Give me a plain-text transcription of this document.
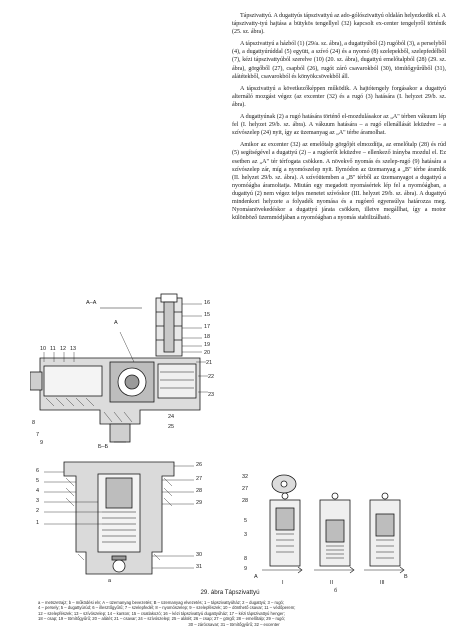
Tápszivattyú. A dugattyús tápszivattyú az ado-gólószivattyú oldalán helyezkedik el. A tápszivatty-tyú hajtása a bütykös tengellyel (32) kapcsolt ex-center tengelyről történik (25. sz. ábra).

A tápszivattyú a házból (1) (29/a. sz. ábra), a dugattyúból (2) rugóból (3), a perselyből (4), a dugattyúrúddal (5) együtt, a szívó (24) és a nyomó (8) szelepekből, szelepfedélből (7), kézi tápszivattyúból szerelve (10) (20. sz. ábra), dugattyú emelőtalpból (28) (29. sz. ábra), görgőből (27), csapból (26), rugót záró csavarokból (30), tömítőgyűrűből (31), alátétekből, csavarokból és könyökcsövekből áll.

A tápszivattyú a következőképpen működik. A hajtótengely forgásakor a dugattyú alternáló mozgást végez (az excenter (32) és a rugó (3) hatására (I. helyzet 29/b. sz. ábra).

A dugattyúnak (2) a rugó hatására történő el-mozdulásakor az „A" térben vákuum lép fel (I. helyzet 29/b. sz. ábra). A vákuum hatására – a rugó ellenállását leküzdve – a szívószelep (24) nyit, így az üzemanyag az „A" térbe áramolhat.

Amikor az excenter (32) az emelőtalp görgőjét elmozdítja, az emelőtalp (28) és rúd (5) segítségével a dugattyú (2) – a rugóerőt leküzdve – ellenkező irányba mozdul el. Ez esetben az „A" tér térfogata csökken. A növekvő nyomás és szelep-rugó (9) hatására a szívószelep zár, míg a nyomószelep nyit. Ilymódon az üzemanyag a „B" térbe áramlik (II. helyzet 29/b. sz. ábra). A szívóütemben a „B" térből az üzemanyagot a dugattyú a nyomóágba áramoltatja. Miután egy megadott nyomásértek lép fel a nyomóágban, a dugattyú (2) nem végez teljes menetet szívóskor (III. helyzet 29/b. sz. ábra). A dugattyú mindenkori helyzete a folyadék nyomása és a rugóerő egyensúlya határozza meg. Nyomásnövekedéskor a dugattyú járata csökken, illetve megállhat, így a motor különböző üzemmódjában a nyomóágban a nyomás stabilizálható.

A–A
A
10 11 12 13
8
7
9
16
15
17
18
19
20
21
22
23
24
25
Б–Б
6
5
4
3
2
1
26
27
28
29
30
31
a
32
27
28
5
3
8
9
I	II	III
A	B
б
29. ábra Tápszivattyú
a – metszetrajz; b – működési elv; A – üzemanyag bevezetés; B – üzemanyag elvezetés; 1 – tápszivattyúház; 2 – dugattyú; 3 – rugó;
4 – persely; 5 – dugattyúrúd; 6 – illesztőgyűrű; 7 – szelepfedél; 8 – nyomószelep; 9 – szelepfészek; 10 – dönthető csavar; 11 – védőperem;
12 – szelepfészek; 13 – szívószelep; 14 – kanton; 15 – csatlakozó; 16 – kézi tápszivattyú dugattyúház; 17 – kézi tápszivattyú henger;
18 – csap; 19 – tömítőgyűrű; 20 – alátét; 21 – csavar; 24 – szívószelep; 25 – alátét; 26 – csap; 27 – görgő; 28 – emelőtalp; 29 – rugó;
30 – zárócsavar; 31 – tömítőgyűrű; 32 – excenter
